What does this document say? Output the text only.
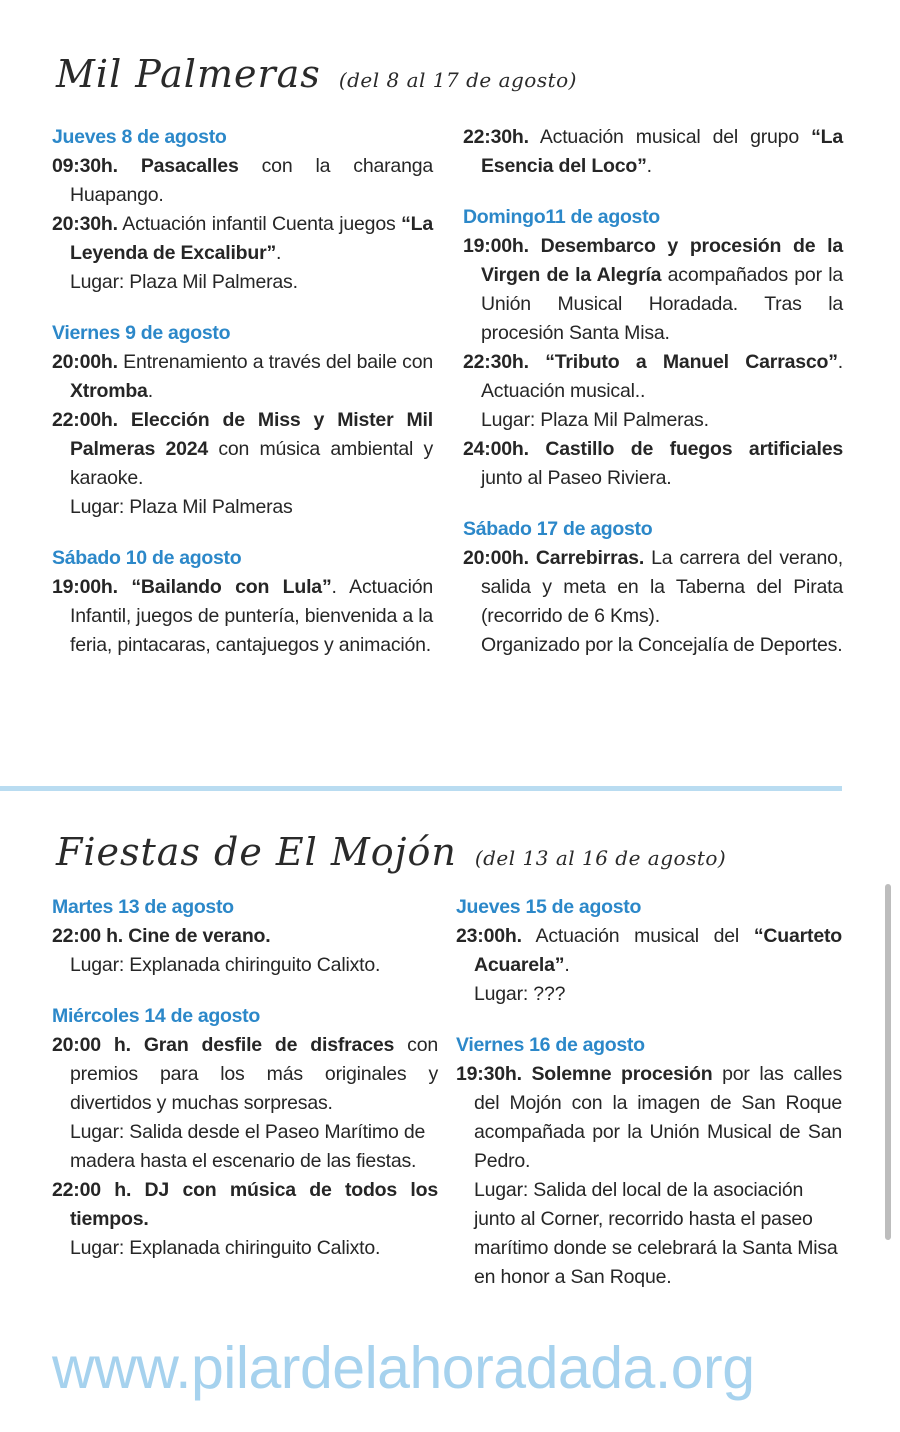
Mil Palmeras (del 8 al 17 de agosto)
Jueves 8 de agosto
09:30h. Pasacalles con la charanga Huapango.
20:30h. Actuación infantil Cuenta juegos “La Leyenda de Excalibur”.
Lugar: Plaza Mil Palmeras.
Viernes 9 de agosto
20:00h. Entrenamiento a través del baile con Xtromba.
22:00h. Elección de Miss y Mister Mil Palmeras 2024 con música ambiental y karaoke.
Lugar: Plaza Mil Palmeras
Sábado 10 de agosto
19:00h. “Bailando con Lula”. Actuación Infantil, juegos de puntería, bienvenida a la feria, pintacaras, cantajuegos y animación.
22:30h. Actuación musical del grupo “La Esencia del Loco”.
Domingo11 de agosto
19:00h. Desembarco y procesión de la Virgen de la Alegría acompañados por la Unión Musical Horadada. Tras la procesión Santa Misa.
22:30h. “Tributo a Manuel Carrasco”. Actuación musical..
Lugar: Plaza Mil Palmeras.
24:00h. Castillo de fuegos artificiales junto al Paseo Riviera.
Sábado 17 de agosto
20:00h. Carrebirras. La carrera del verano, salida y meta en la Taberna del Pirata (recorrido de 6 Kms).
Organizado por la Concejalía de Deportes.
Fiestas de El Mojón (del 13 al 16 de agosto)
Martes 13 de agosto
22:00 h. Cine de verano.
Lugar: Explanada chiringuito Calixto.
Miércoles 14 de agosto
20:00 h. Gran desfile de disfraces con premios para los más originales y divertidos y muchas sorpresas.
Lugar: Salida desde el Paseo Marítimo de madera hasta el escenario de las fiestas.
22:00 h. DJ con música de todos los tiempos.
Lugar: Explanada chiringuito Calixto.
Jueves 15 de agosto
23:00h. Actuación musical del “Cuarteto Acuarela”.
Lugar: ???
Viernes 16 de agosto
19:30h. Solemne procesión por las calles del Mojón con la imagen de San Roque acompañada por la Unión Musical de San Pedro.
Lugar: Salida del local de la asociación junto al Corner, recorrido hasta el paseo marítimo donde se celebrará la Santa Misa en honor a San Roque.

www.pilardelahoradada.org
